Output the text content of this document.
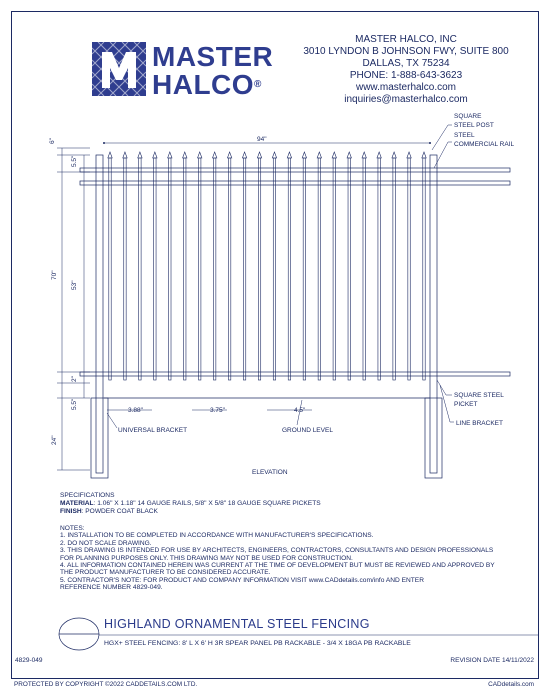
MASTER
HALCO®
MASTER HALCO, INC
3010 LYNDON B JOHNSON FWY, SUITE 800
DALLAS, TX 75234
PHONE: 1-888-643-3623
www.masterhalco.com
inquiries@masterhalco.com
94"
6"
5.5"
53"
70"
2"
5.5"
24"
3.88"	3.75"	4.5"
SQUARE
STEEL POST
STEEL
COMMERCIAL RAIL
SQUARE STEEL
PICKET
LINE BRACKET
UNIVERSAL BRACKET	GROUND LEVEL
ELEVATION
SPECIFICATIONS
MATERIAL: 1.06" X 1.18" 14 GAUGE RAILS, 5/8" X 5/8" 18 GAUGE SQUARE PICKETS
FINISH: POWDER COAT BLACK
NOTES:
1. INSTALLATION TO BE COMPLETED IN ACCORDANCE WITH MANUFACTURER'S SPECIFICATIONS.
2. DO NOT SCALE DRAWING.
3. THIS DRAWING IS INTENDED FOR USE BY ARCHITECTS, ENGINEERS, CONTRACTORS, CONSULTANTS AND DESIGN PROFESSIONALS
FOR PLANNING PURPOSES ONLY. THIS DRAWING MAY NOT BE USED FOR CONSTRUCTION.
4. ALL INFORMATION CONTAINED HEREIN WAS CURRENT AT THE TIME OF DEVELOPMENT BUT MUST BE REVIEWED AND APPROVED BY
THE PRODUCT MANUFACTURER TO BE CONSIDERED ACCURATE.
5. CONTRACTOR'S NOTE: FOR PRODUCT AND COMPANY INFORMATION VISIT www.CADdetails.com/info AND ENTER
REFERENCE NUMBER 4829-049.
HIGHLAND ORNAMENTAL STEEL FENCING
HGX+ STEEL FENCING: 8' L X 6' H 3R SPEAR PANEL PB RACKABLE - 3/4 X 18GA PB RACKABLE
4829-049	REVISION DATE 14/11/2022
PROTECTED BY COPYRIGHT ©2022 CADDETAILS.COM LTD.	CADdetails.com
